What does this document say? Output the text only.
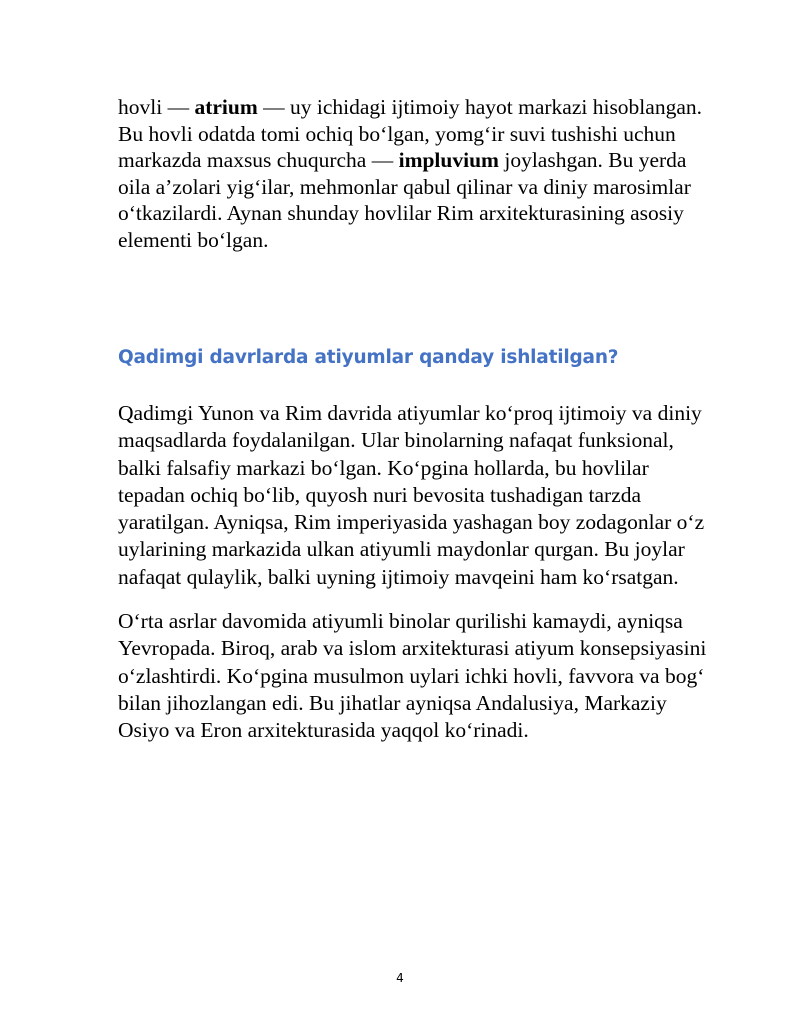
hovli — atrium — uy ichidagi ijtimoiy hayot markazi hisoblangan. Bu hovli odatda tomi ochiq bo‘lgan, yomg‘ir suvi tushishi uchun markazda maxsus chuqurcha — impluvium joylashgan. Bu yerda oila a’zolari yig‘ilar, mehmonlar qabul qilinar va diniy marosimlar o‘tkazilardi. Aynan shunday hovlilar Rim arxitekturasining asosiy elementi bo‘lgan.

Qadimgi davrlarda atiyumlar qanday ishlatilgan?

Qadimgi Yunon va Rim davrida atiyumlar ko‘proq ijtimoiy va diniy maqsadlarda foydalanilgan. Ular binolarning nafaqat funksional, balki falsafiy markazi bo‘lgan. Ko‘pgina hollarda, bu hovlilar tepadan ochiq bo‘lib, quyosh nuri bevosita tushadigan tarzda yaratilgan. Ayniqsa, Rim imperiyasida yashagan boy zodagonlar o‘z uylarining markazida ulkan atiyumli maydonlar qurgan. Bu joylar nafaqat qulaylik, balki uyning ijtimoiy mavqeini ham ko‘rsatgan.

O‘rta asrlar davomida atiyumli binolar qurilishi kamaydi, ayniqsa Yevropada. Biroq, arab va islom arxitekturasi atiyum konsepsiyasini o‘zlashtirdi. Ko‘pgina musulmon uylari ichki hovli, favvora va bog‘ bilan jihozlangan edi. Bu jihatlar ayniqsa Andalusiya, Markaziy Osiyo va Eron arxitekturasida yaqqol ko‘rinadi.

4
